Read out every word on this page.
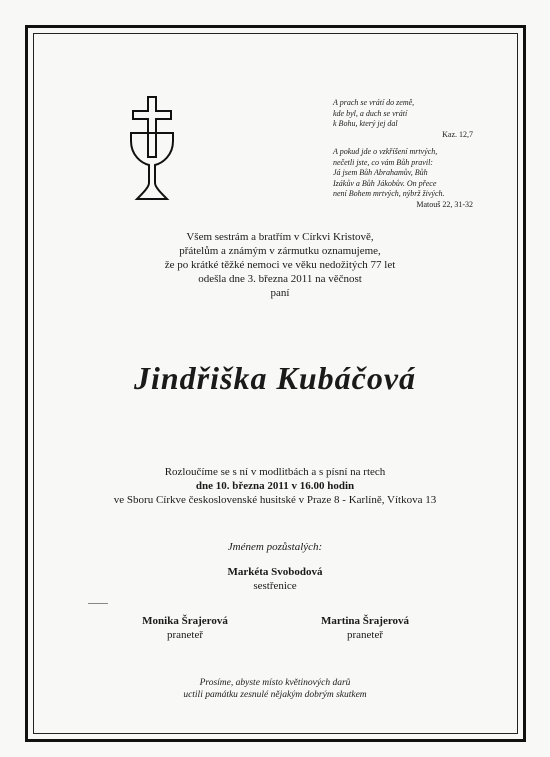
A prach se vrátí do země,
kde byl, a duch se vrátí
k Bohu, který jej dal
Kaz. 12,7
A pokud jde o vzkříšení mrtvých,
nečetli jste, co vám Bůh pravil:
Já jsem Bůh Abrahamův, Bůh
Izákův a Bůh Jákobův. On přece
není Bohem mrtvých, nýbrž živých.
Matouš 22, 31-32
Všem sestrám a bratřím v Církvi Kristově,
přátelům a známým v zármutku oznamujeme,
že po krátké těžké nemoci ve věku nedožitých 77 let
odešla dne 3. března 2011 na věčnost
paní
Jindřiška Kubáčová
Rozloučíme se s ní v modlitbách a s písní na rtech
dne 10. března 2011 v 16.00 hodin
ve Sboru Církve československé husitské v Praze 8 - Karlíně, Vítkova 13
Jménem pozůstalých:
Markéta Svobodová
sestřenice
Monika Šrajerová
praneteř
Martina Šrajerová
praneteř
Prosíme, abyste místo květinových darů
uctili památku zesnulé nějakým dobrým skutkem
